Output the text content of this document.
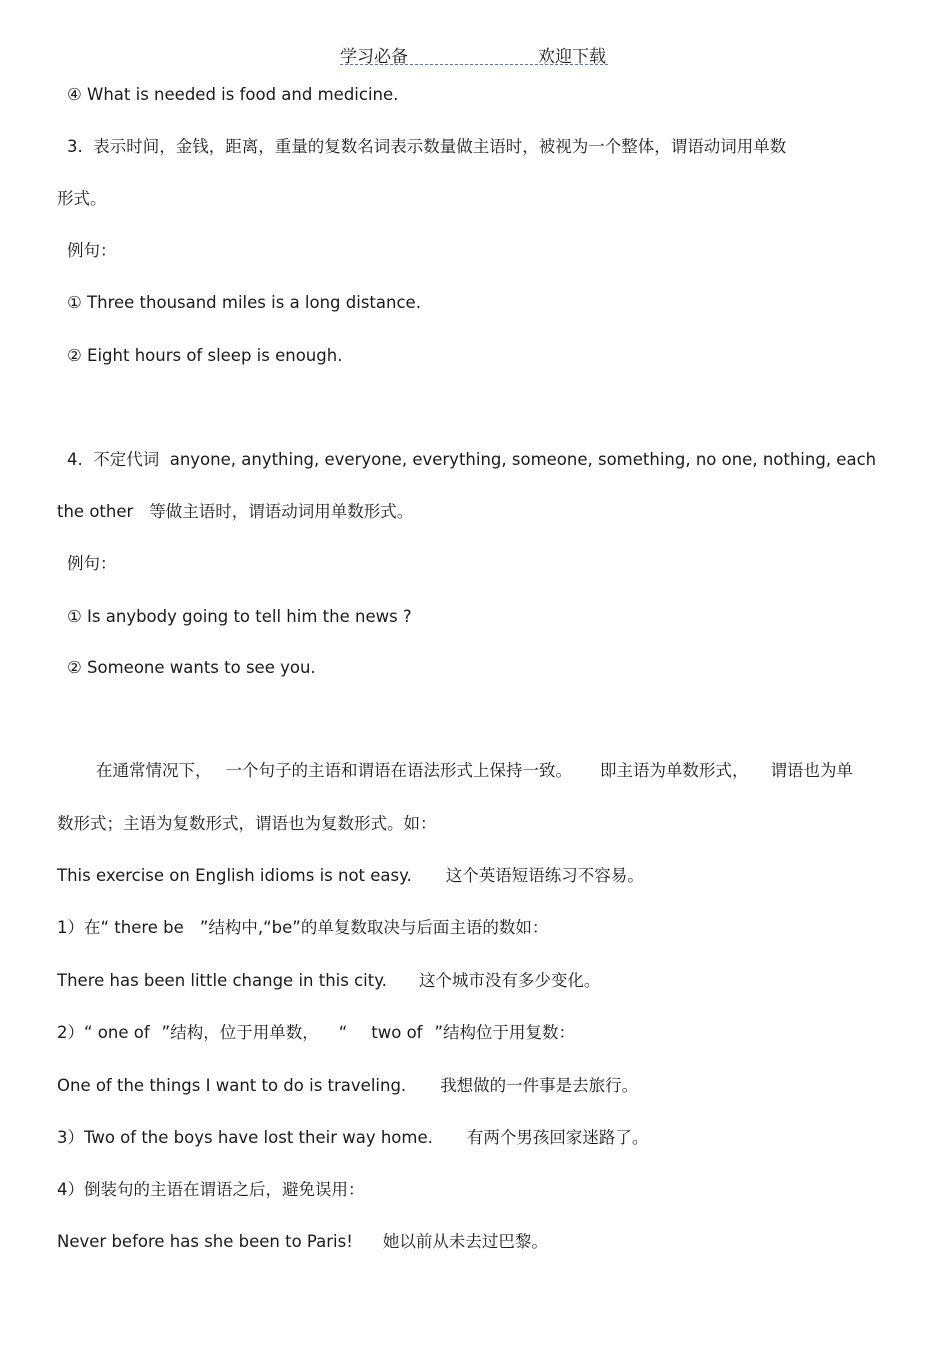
学习必备	欢迎下载
④ What is needed is food and medicine.
3.  表示时间，金钱，距离，重量的复数名词表示数量做主语时，被视为一个整体，谓语动词用单数
形式。
例句：
① Three thousand miles is a long distance.
② Eight hours of sleep is enough.
4.  不定代词  anyone, anything, everyone, everything, someone, something, no one, nothing, each
the other 等做主语时，谓语动词用单数形式。
例句：
① Is anybody going to tell him the news ?
② Someone wants to see you.
在通常情况下， 一个句子的主语和谓语在语法形式上保持一致。 即主语为单数形式， 谓语也为单
数形式；主语为复数形式，谓语也为复数形式。如：
This exercise on English idioms is not easy. 这个英语短语练习不容易。
1）在“ there be ”结构中,“be”的单复数取决与后面主语的数如：
There has been little change in this city. 这个城市没有多少变化。
2）“ one of ”结构，位于用单数， “ two of ”结构位于用复数：
One of the things I want to do is traveling. 我想做的一件事是去旅行。
3）Two of the boys have lost their way home. 有两个男孩回家迷路了。
4）倒装句的主语在谓语之后，避免误用：
Never before has she been to Paris! 她以前从未去过巴黎。
